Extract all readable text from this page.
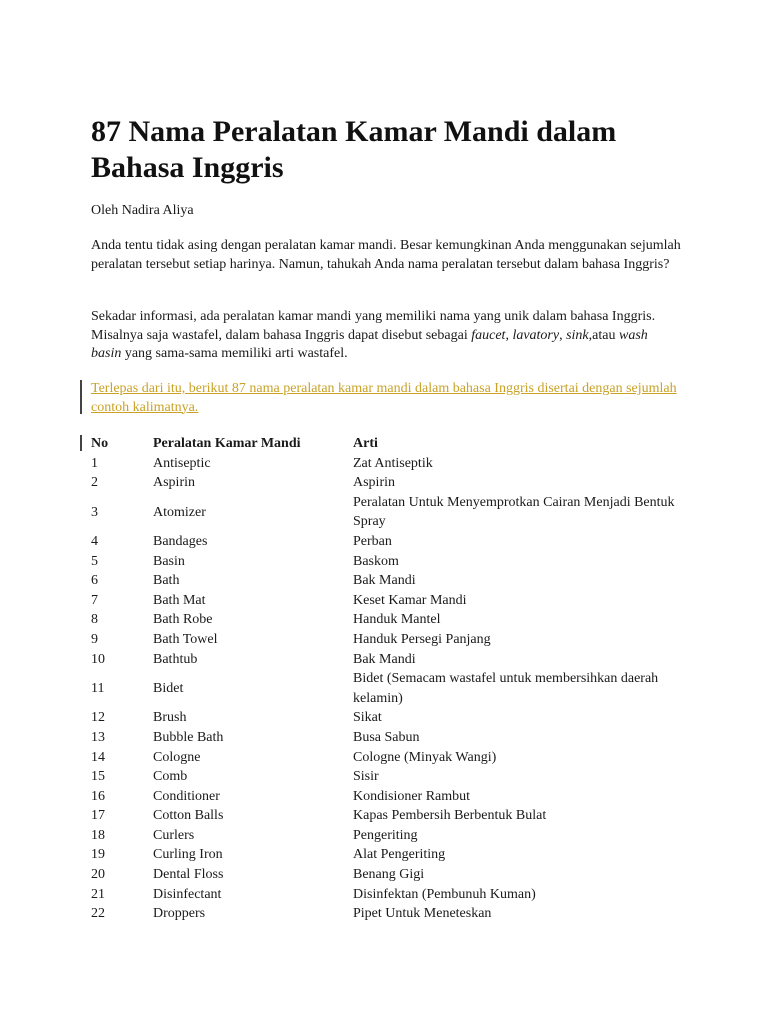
87 Nama Peralatan Kamar Mandi dalam Bahasa Inggris

Oleh Nadira Aliya

Anda tentu tidak asing dengan peralatan kamar mandi. Besar kemungkinan Anda menggunakan sejumlah peralatan tersebut setiap harinya. Namun, tahukah Anda nama peralatan tersebut dalam bahasa Inggris?

Sekadar informasi, ada peralatan kamar mandi yang memiliki nama yang unik dalam bahasa Inggris. Misalnya saja wastafel, dalam bahasa Inggris dapat disebut sebagai faucet, lavatory, sink,atau wash basin yang sama-sama memiliki arti wastafel.

Terlepas dari itu, berikut 87 nama peralatan kamar mandi dalam bahasa Inggris disertai dengan sejumlah contoh kalimatnya.
No	Peralatan Kamar Mandi	Arti
1	Antiseptic	Zat Antiseptik
2	Aspirin	Aspirin
3	Atomizer	Peralatan Untuk Menyemprotkan Cairan Menjadi Bentuk Spray
4	Bandages	Perban
5	Basin	Baskom
6	Bath	Bak Mandi
7	Bath Mat	Keset Kamar Mandi
8	Bath Robe	Handuk Mantel
9	Bath Towel	Handuk Persegi Panjang
10	Bathtub	Bak Mandi
11	Bidet	Bidet (Semacam wastafel untuk membersihkan daerah kelamin)
12	Brush	Sikat
13	Bubble Bath	Busa Sabun
14	Cologne	Cologne (Minyak Wangi)
15	Comb	Sisir
16	Conditioner	Kondisioner Rambut
17	Cotton Balls	Kapas Pembersih Berbentuk Bulat
18	Curlers	Pengeriting
19	Curling Iron	Alat Pengeriting
20	Dental Floss	Benang Gigi
21	Disinfectant	Disinfektan (Pembunuh Kuman)
22	Droppers	Pipet Untuk Meneteskan
